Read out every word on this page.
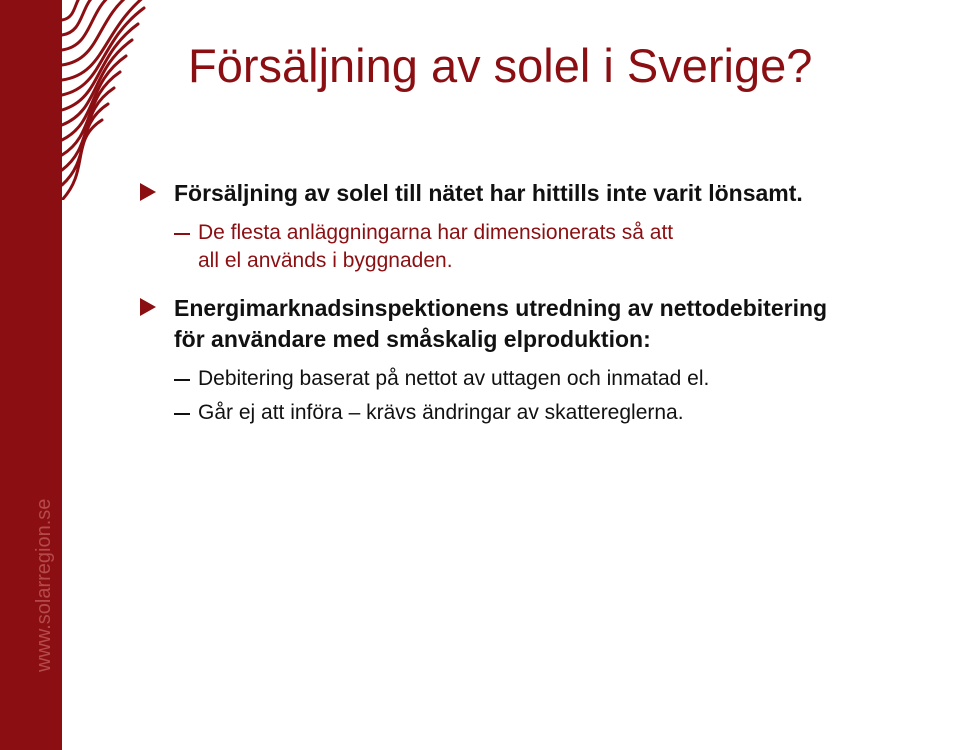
www.solarregion.se
Försäljning av solel i Sverige?
Försäljning av solel till nätet har hittills inte varit lönsamt.
De flesta anläggningarna har dimensionerats så att
all el används i byggnaden.
Energimarknadsinspektionens utredning av nettodebitering
för användare med småskalig elproduktion:
Debitering baserat på nettot av uttagen och inmatad el.
Går ej att införa – krävs ändringar av skattereglerna.
